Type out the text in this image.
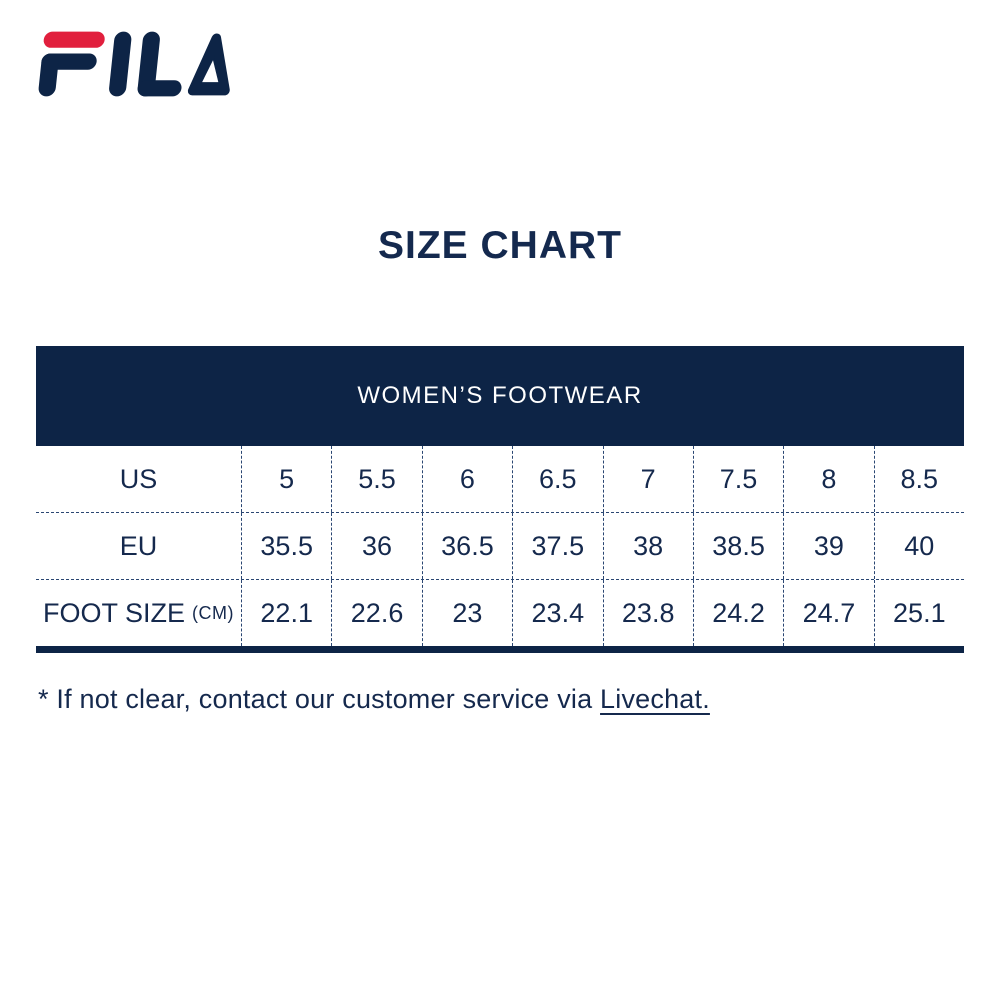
SIZE CHART
WOMEN’S FOOTWEAR
US	5	5.5	6	6.5	7	7.5	8	8.5
EU	35.5	36	36.5	37.5	38	38.5	39	40
FOOT SIZE (CM) 22.1	22.6	23	23.4	23.8	24.2	24.7	25.1

* If not clear, contact our customer service via Livechat.
